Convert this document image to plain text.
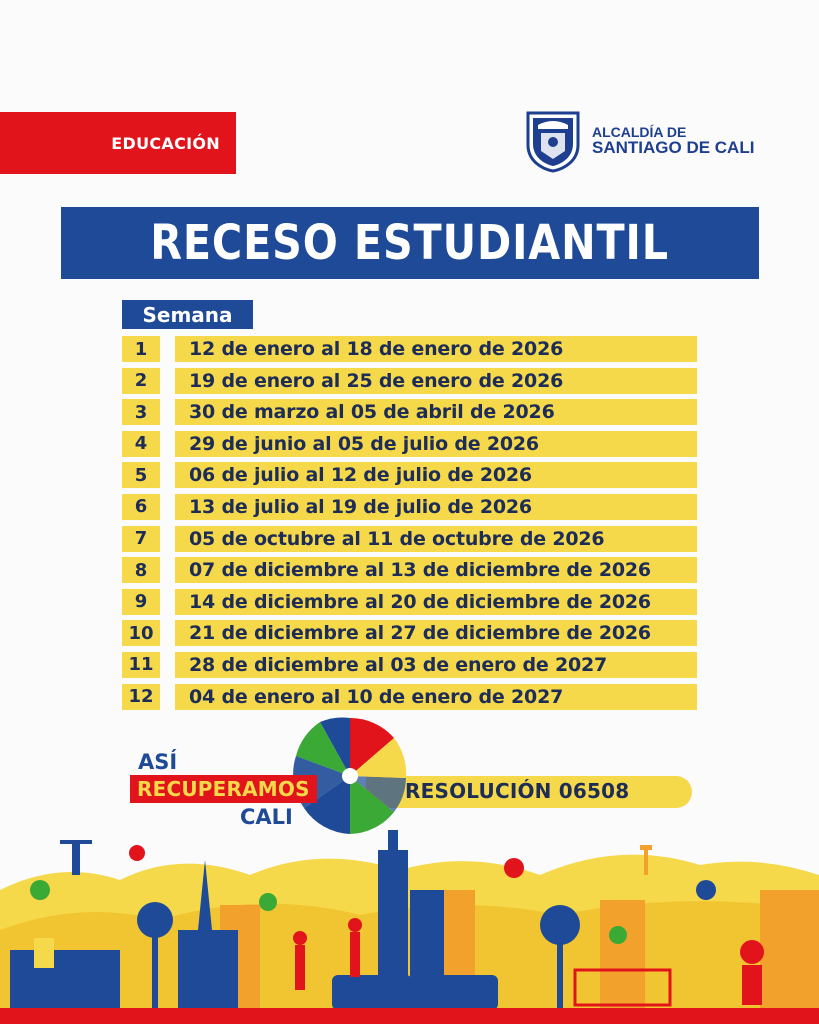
EDUCACIÓN
ALCALDÍA DE
SANTIAGO DE CALI
RECESO ESTUDIANTIL
Semana
1	12 de enero al 18 de enero de 2026
2	19 de enero al 25 de enero de 2026
3	30 de marzo al 05 de abril de 2026
4	29 de junio al 05 de julio de 2026
5	06 de julio al 12 de julio de 2026
6	13 de julio al 19 de julio de 2026
7	05 de octubre al 11 de octubre de 2026
8	07 de diciembre al 13 de diciembre de 2026
9	14 de diciembre al 20 de diciembre de 2026
10	21 de diciembre al 27 de diciembre de 2026
11	28 de diciembre al 03 de enero de 2027
12	04 de enero al 10 de enero de 2027
ASÍ
RECUPERAMOS
CALI
RESOLUCIÓN 06508
